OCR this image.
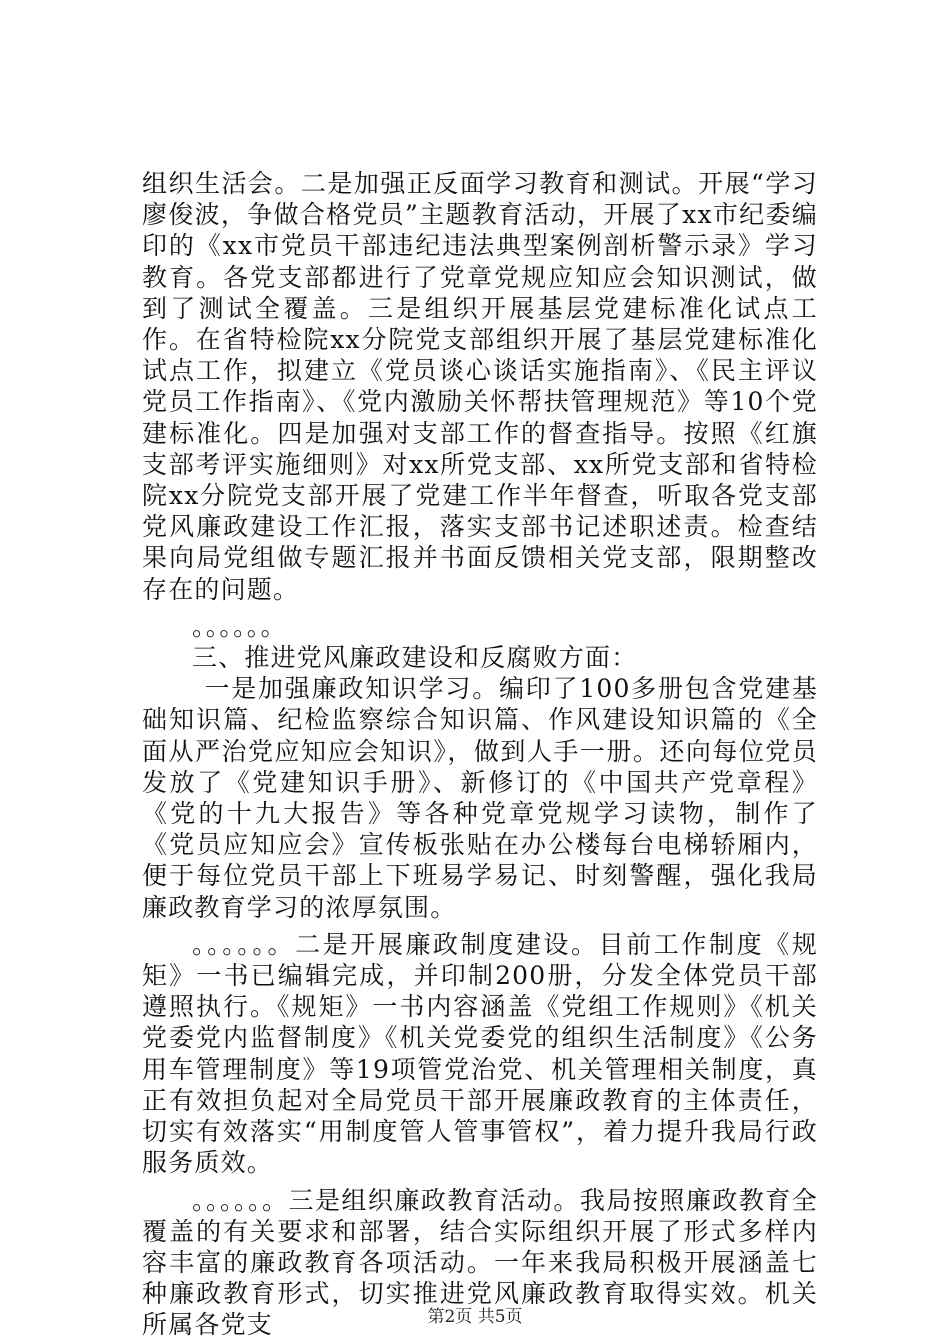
组织生活会。二是加强正反面学习教育和测试。开展“学习廖俊波，争做合格党员”主题教育活动，开展了xx市纪委编印的《xx市党员干部违纪违法典型案例剖析警示录》学习教育。各党支部都进行了党章党规应知应会知识测试，做到了测试全覆盖。三是组织开展基层党建标准化试点工作。在省特检院xx分院党支部组织开展了基层党建标准化试点工作，拟建立《党员谈心谈话实施指南》、《民主评议党员工作指南》、《党内激励关怀帮扶管理规范》等10个党建标准化。四是加强对支部工作的督查指导。按照《红旗支部考评实施细则》对xx所党支部、xx所党支部和省特检院xx分院党支部开展了党建工作半年督查，听取各党支部党风廉政建设工作汇报，落实支部书记述职述责。检查结果向局党组做专题汇报并书面反馈相关党支部，限期整改存在的问题。

。。。。。。

三、推进党风廉政建设和反腐败方面：

一是加强廉政知识学习。编印了100多册包含党建基础知识篇、纪检监察综合知识篇、作风建设知识篇的《全面从严治党应知应会知识》，做到人手一册。还向每位党员发放了《党建知识手册》、新修订的《中国共产党章程》《党的十九大报告》等各种党章党规学习读物，制作了《党员应知应会》宣传板张贴在办公楼每台电梯轿厢内，便于每位党员干部上下班易学易记、时刻警醒，强化我局廉政教育学习的浓厚氛围。

。。。。。。二是开展廉政制度建设。目前工作制度《规矩》一书已编辑完成，并印制200册，分发全体党员干部遵照执行。《规矩》一书内容涵盖《党组工作规则》《机关党委党内监督制度》《机关党委党的组织生活制度》《公务用车管理制度》等19项管党治党、机关管理相关制度，真正有效担负起对全局党员干部开展廉政教育的主体责任，切实有效落实“用制度管人管事管权”，着力提升我局行政服务质效。

。。。。。。三是组织廉政教育活动。我局按照廉政教育全覆盖的有关要求和部署，结合实际组织开展了形式多样内容丰富的廉政教育各项活动。一年来我局积极开展涵盖七种廉政教育形式，切实推进党风廉政教育取得实效。机关所属各党支	第2页 共5页
